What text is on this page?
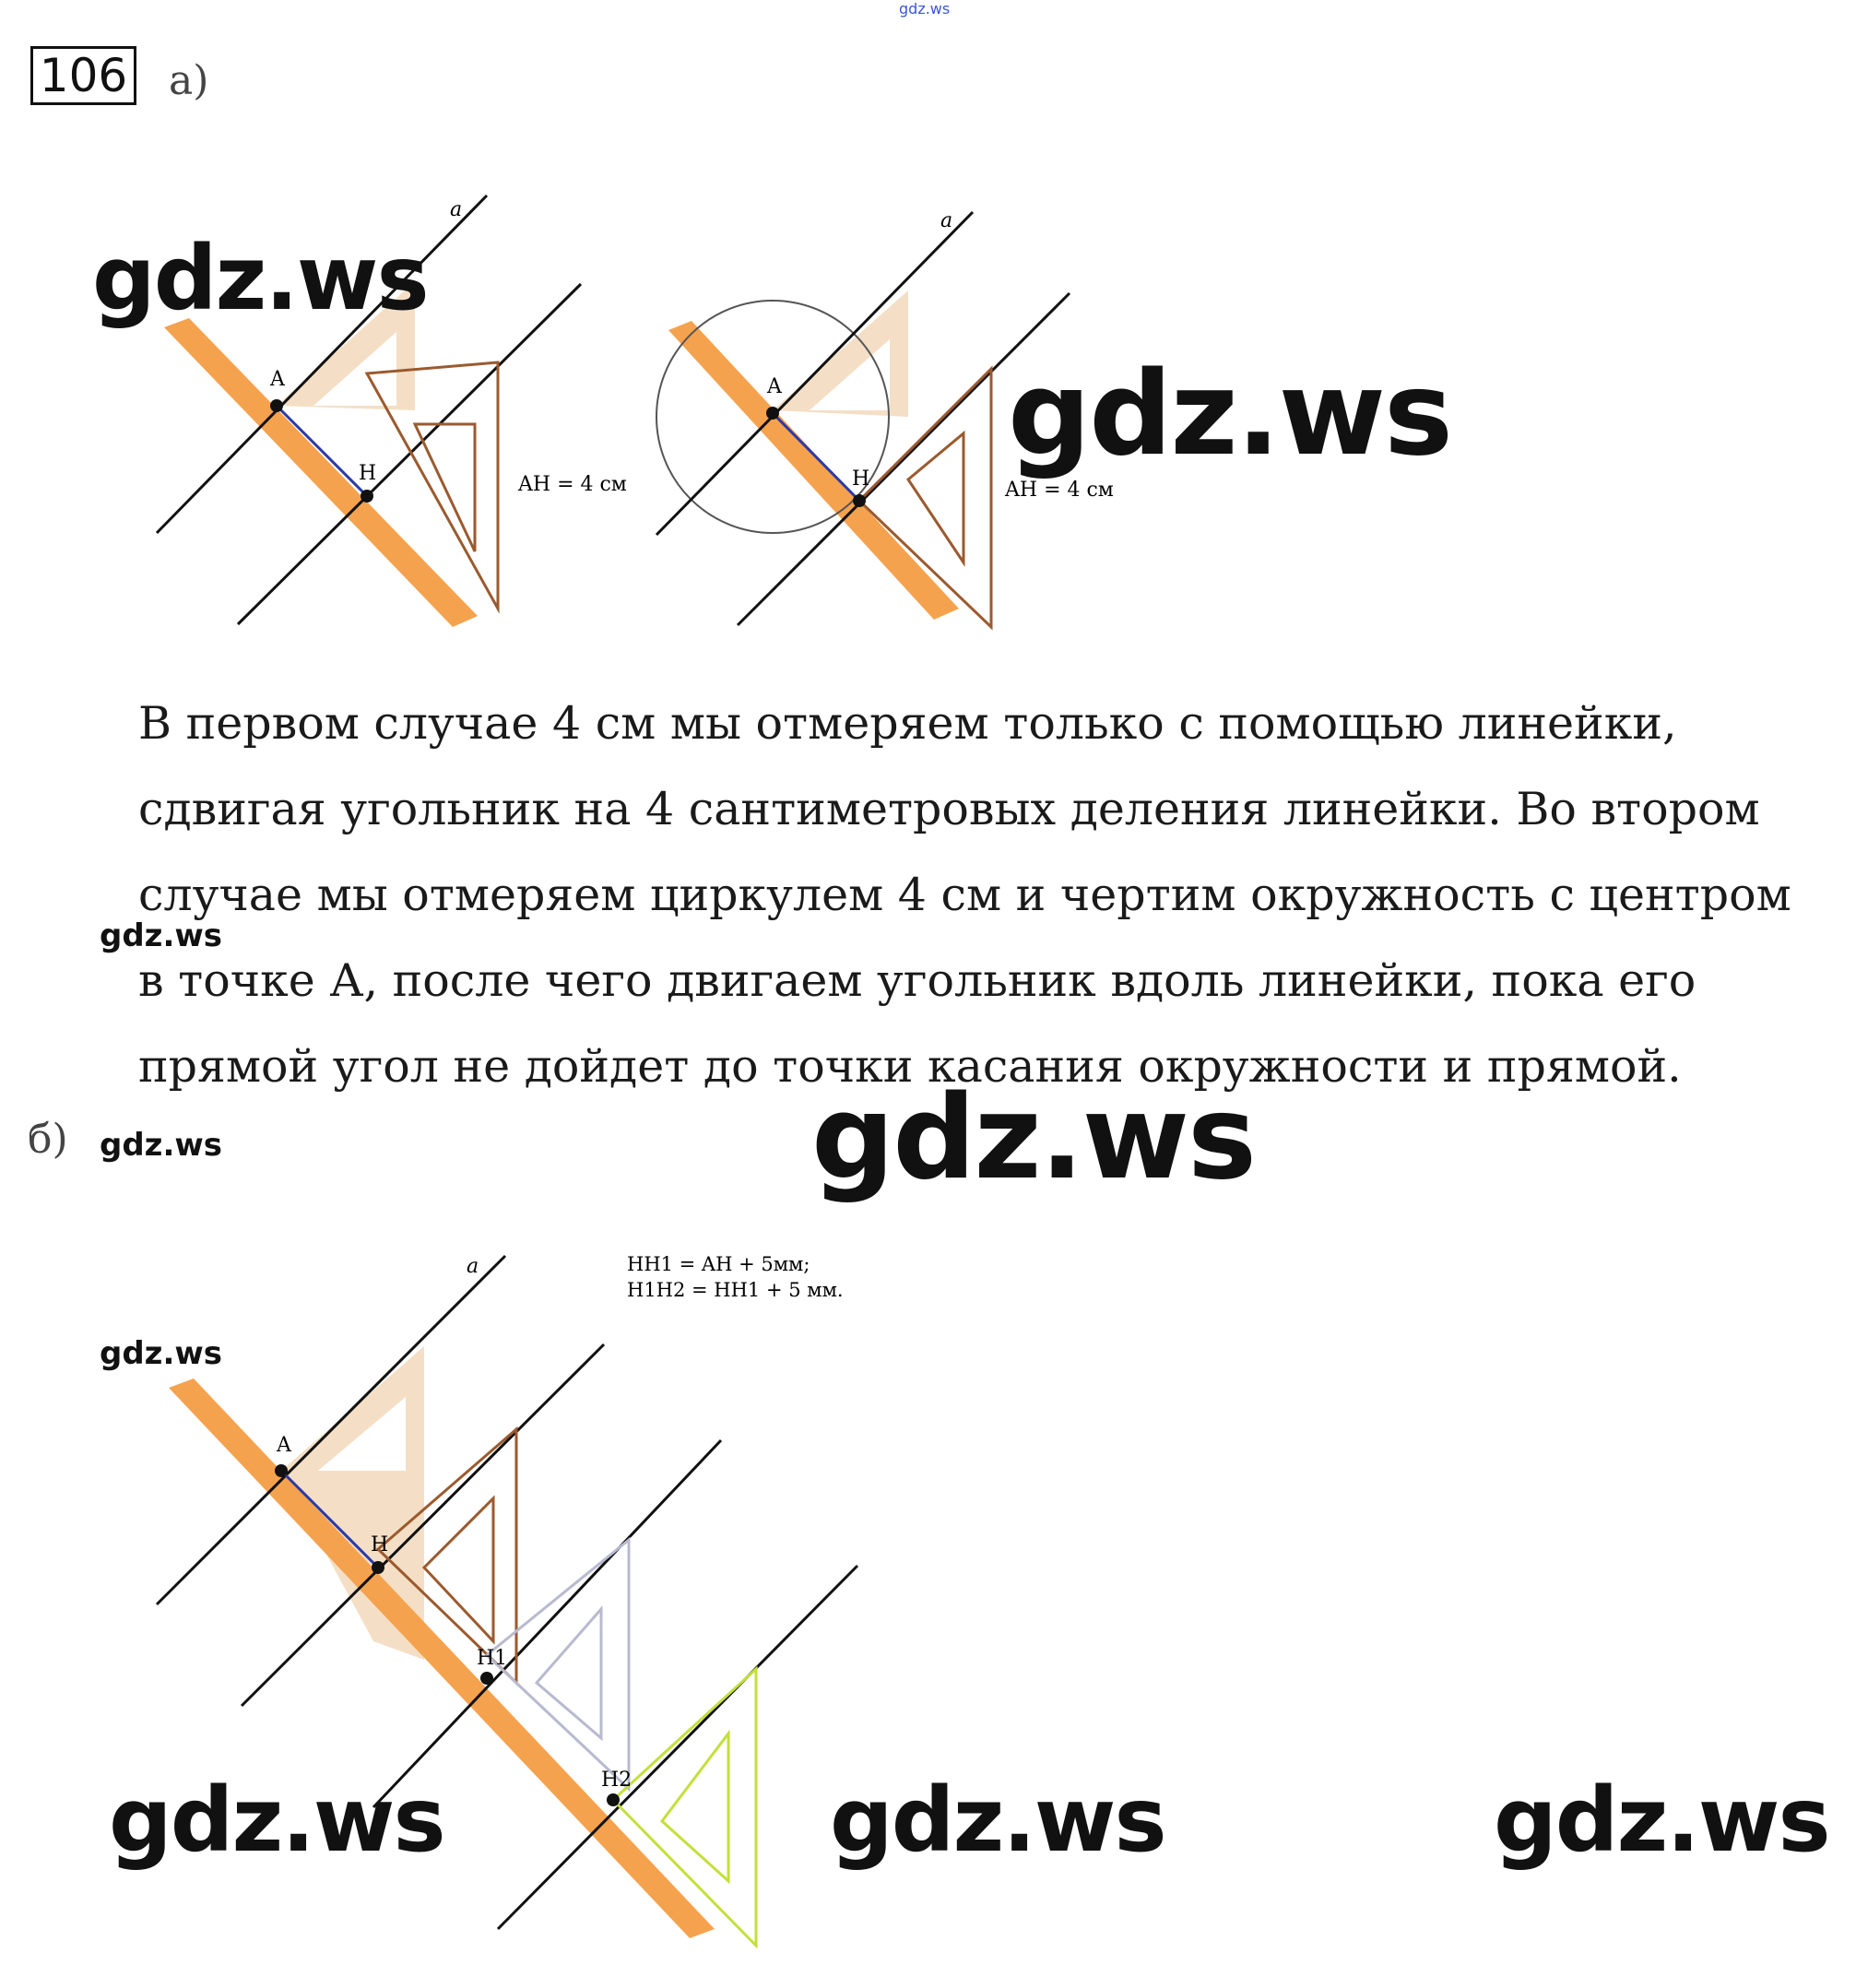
gdz.ws
106 а)
a
A
H	AH = 4 см
a
A
H	AH = 4 см
gdz.ws
gdz.ws

В первом случае 4 см мы отмеряем только с помощью линейки,

сдвигая угольник на 4 сантиметровых деления линейки. Во втором

случае мы отмеряем циркулем 4 см и чертим окружность с центром

в точке А, после чего двигаем угольник вдоль линейки, пока его

прямой угол не дойдет до точки касания окружности и прямой.

gdz.ws
б) gdz.ws	gdz.ws
gdz.ws
a
A
H
H1
H2
HH1 = AH + 5мм;
H1H2 = HH1 + 5 мм.
gdz.ws	gdz.ws	gdz.ws
